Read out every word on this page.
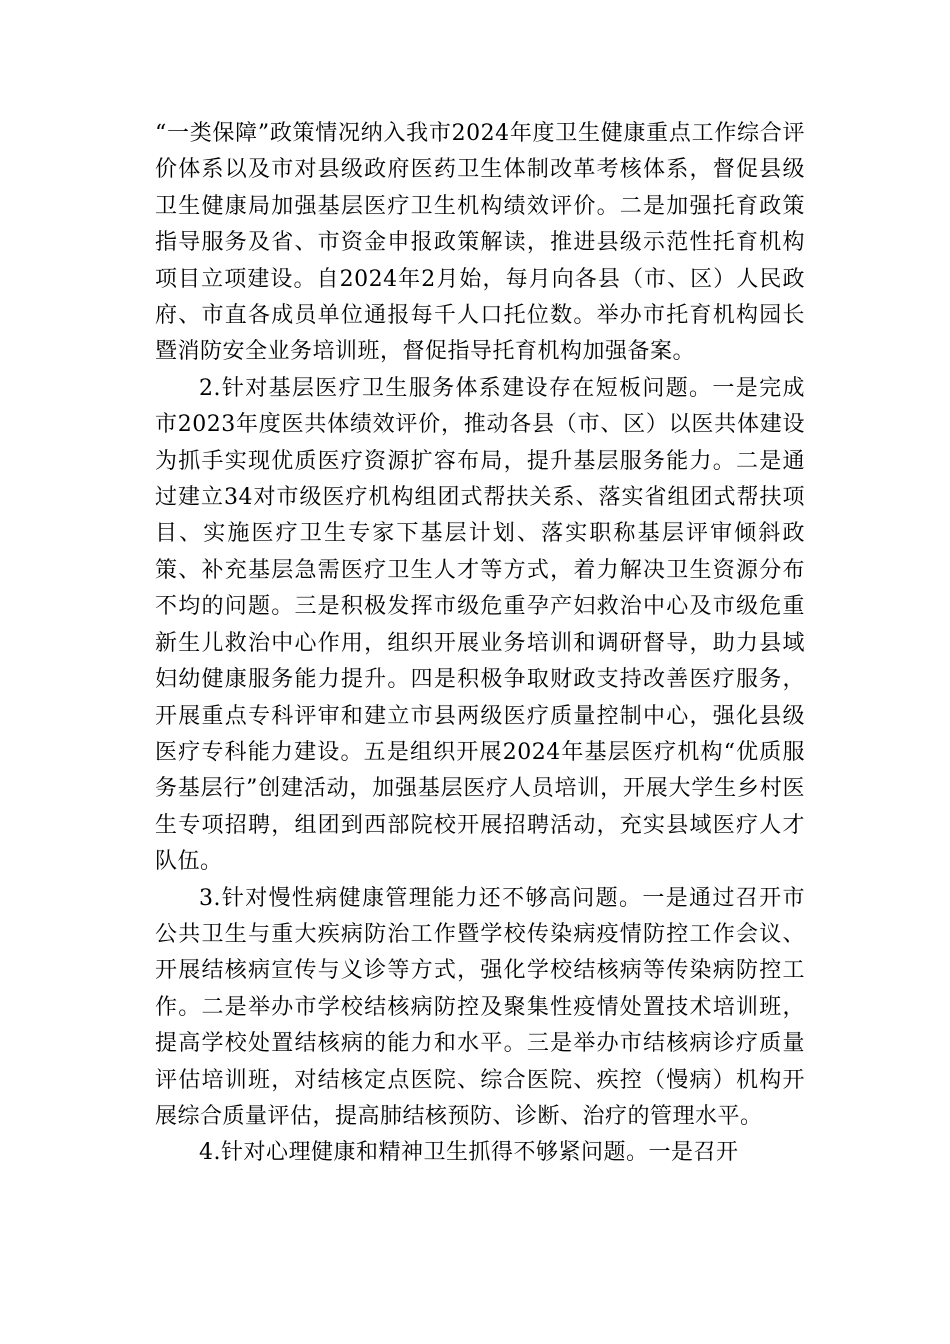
“一类保障”政策情况纳入我市2024年度卫生健康重点工作综合评价体系以及市对县级政府医药卫生体制改革考核体系，督促县级卫生健康局加强基层医疗卫生机构绩效评价。二是加强托育政策指导服务及省、市资金申报政策解读，推进县级示范性托育机构项目立项建设。自2024年2月始，每月向各县（市、区）人民政府、市直各成员单位通报每千人口托位数。举办市托育机构园长暨消防安全业务培训班，督促指导托育机构加强备案。

2.针对基层医疗卫生服务体系建设存在短板问题。一是完成市2023年度医共体绩效评价，推动各县（市、区）以医共体建设为抓手实现优质医疗资源扩容布局，提升基层服务能力。二是通过建立34对市级医疗机构组团式帮扶关系、落实省组团式帮扶项目、实施医疗卫生专家下基层计划、落实职称基层评审倾斜政策、补充基层急需医疗卫生人才等方式，着力解决卫生资源分布不均的问题。三是积极发挥市级危重孕产妇救治中心及市级危重新生儿救治中心作用，组织开展业务培训和调研督导，助力县域妇幼健康服务能力提升。四是积极争取财政支持改善医疗服务，开展重点专科评审和建立市县两级医疗质量控制中心，强化县级医疗专科能力建设。五是组织开展2024年基层医疗机构“优质服务基层行”创建活动，加强基层医疗人员培训，开展大学生乡村医生专项招聘，组团到西部院校开展招聘活动，充实县域医疗人才队伍。

3.针对慢性病健康管理能力还不够高问题。一是通过召开市公共卫生与重大疾病防治工作暨学校传染病疫情防控工作会议、开展结核病宣传与义诊等方式，强化学校结核病等传染病防控工作。二是举办市学校结核病防控及聚集性疫情处置技术培训班，提高学校处置结核病的能力和水平。三是举办市结核病诊疗质量评估培训班，对结核定点医院、综合医院、疾控（慢病）机构开展综合质量评估，提高肺结核预防、诊断、治疗的管理水平。

4.针对心理健康和精神卫生抓得不够紧问题。一是召开
